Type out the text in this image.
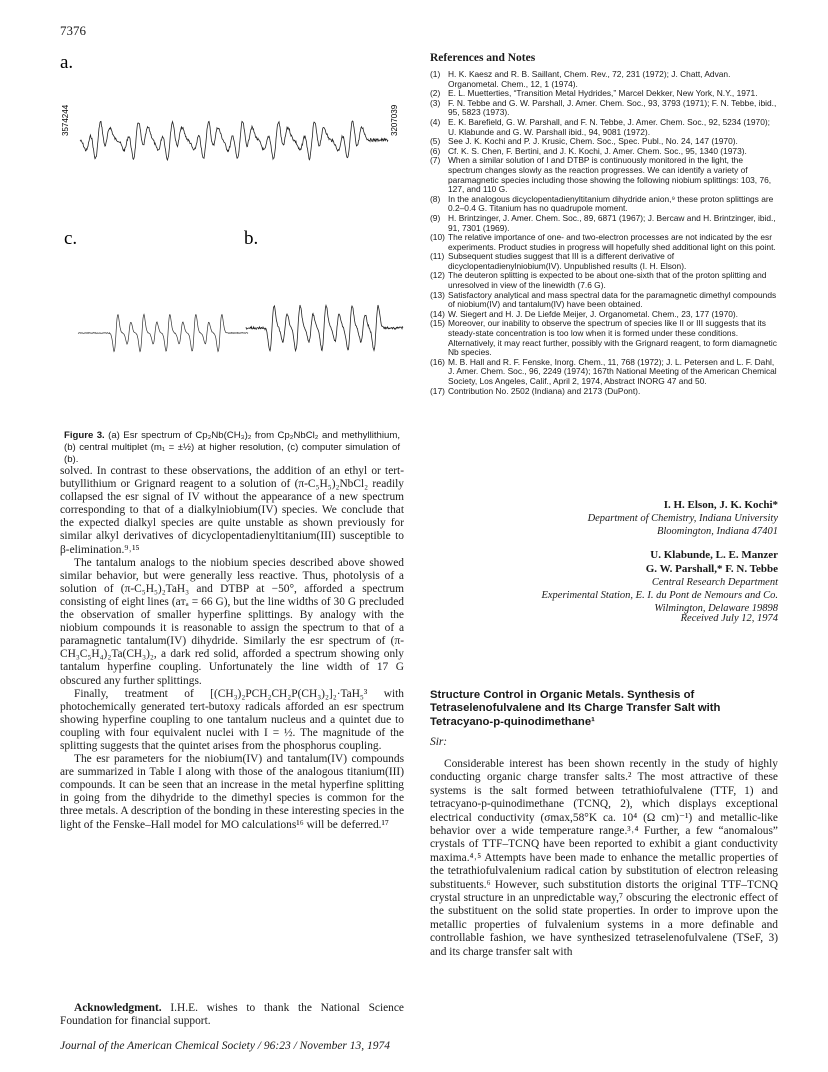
7376
a.
c.	b.
3574244	3207039
Figure 3. (a) Esr spectrum of Cp₂Nb(CH₃)₂ from Cp₂NbCl₂ and methyllithium, (b) central multiplet (m₁ = ±½) at higher resolution, (c) computer simulation of (b).

solved. In contrast to these observations, the addition of an ethyl or tert-butyllithium or Grignard reagent to a solution of (π-C₅H₅)₂NbCl₂ readily collapsed the esr signal of IV without the appearance of a new spectrum corresponding to that of a dialkylniobium(IV) species. We conclude that the expected dialkyl species are quite unstable as shown previously for similar alkyl derivatives of dicyclopentadienyltitanium(III) susceptible to β-elimination.⁹˒¹⁵

The tantalum analogs to the niobium species described above showed similar behavior, but were generally less reactive. Thus, photolysis of a solution of (π-C₅H₅)₂TaH₃ and DTBP at −50°, afforded a spectrum consisting of eight lines (aᴛₐ = 66 G), but the line widths of 30 G precluded the observation of smaller hyperfine splittings. By analogy with the niobium compounds it is reasonable to assign the spectrum to that of a paramagnetic tantalum(IV) dihydride. Similarly the esr spectrum of (π-CH₃C₅H₄)₂Ta(CH₃)₂, a dark red solid, afforded a spectrum showing only tantalum hyperfine coupling. Unfortunately the line width of 17 G obscured any further splittings.

Finally, treatment of [(CH₃)₂PCH₂CH₂P(CH₃)₂]₂·TaH₅³ with photochemically generated tert-butoxy radicals afforded an esr spectrum showing hyperfine coupling to one tantalum nucleus and a quintet due to coupling with four equivalent nuclei with I = ½. The magnitude of the splitting suggests that the quintet arises from the phosphorus coupling.

The esr parameters for the niobium(IV) and tantalum(IV) compounds are summarized in Table I along with those of the analogous titanium(III) compounds. It can be seen that an increase in the metal hyperfine splitting in going from the dihydride to the dimethyl species is common for the three metals. A description of the bonding in these interesting species in the light of the Fenske–Hall model for MO calculations¹⁶ will be deferred.¹⁷

Acknowledgment. I.H.E. wishes to thank the National Science Foundation for financial support.

References and Notes
(1) H. K. Kaesz and R. B. Saillant, Chem. Rev., 72, 231 (1972); J. Chatt, Advan. Organometal. Chem., 12, 1 (1974).
(2) E. L. Muetterties, “Transition Metal Hydrides,” Marcel Dekker, New York, N.Y., 1971.
(3) F. N. Tebbe and G. W. Parshall, J. Amer. Chem. Soc., 93, 3793 (1971); F. N. Tebbe, ibid., 95, 5823 (1973).
(4) E. K. Barefield, G. W. Parshall, and F. N. Tebbe, J. Amer. Chem. Soc., 92, 5234 (1970); U. Klabunde and G. W. Parshall ibid., 94, 9081 (1972).
(5) See J. K. Kochi and P. J. Krusic, Chem. Soc., Spec. Publ., No. 24, 147 (1970).
(6) Cf. K. S. Chen, F. Bertini, and J. K. Kochi, J. Amer. Chem. Soc., 95, 1340 (1973).
(7) When a similar solution of I and DTBP is continuously monitored in the light, the spectrum changes slowly as the reaction progresses. We can identify a variety of paramagnetic species including those showing the following niobium splittings: 103, 76, 127, and 110 G.
(8) In the analogous dicyclopentadienyltitanium dihydride anion,⁹ these proton splittings are 0.2–0.4 G. Titanium has no quadrupole moment.
(9) H. Brintzinger, J. Amer. Chem. Soc., 89, 6871 (1967); J. Bercaw and H. Brintzinger, ibid., 91, 7301 (1969).
(10) The relative importance of one- and two-electron processes are not indicated by the esr experiments. Product studies in progress will hopefully shed additional light on this point.
(11) Subsequent studies suggest that III is a different derivative of dicyclopentadienylniobium(IV). Unpublished results (I. H. Elson).
(12) The deuteron splitting is expected to be about one-sixth that of the proton splitting and unresolved in view of the linewidth (7.6 G).
(13) Satisfactory analytical and mass spectral data for the paramagnetic dimethyl compounds of niobium(IV) and tantalum(IV) have been obtained.
(14) W. Siegert and H. J. De Liefde Meijer, J. Organometal. Chem., 23, 177 (1970).
(15) Moreover, our inability to observe the spectrum of species like II or III suggests that its steady-state concentration is too low when it is formed under these conditions. Alternatively, it may react further, possibly with the Grignard reagent, to form diamagnetic Nb species.
(16) M. B. Hall and R. F. Fenske, Inorg. Chem., 11, 768 (1972); J. L. Petersen and L. F. Dahl, J. Amer. Chem. Soc., 96, 2249 (1974); 167th National Meeting of the American Chemical Society, Los Angeles, Calif., April 2, 1974, Abstract INORG 47 and 50.
(17) Contribution No. 2502 (Indiana) and 2173 (DuPont).
I. H. Elson, J. K. Kochi*
Department of Chemistry, Indiana University
Bloomington, Indiana 47401
U. Klabunde, L. E. Manzer
G. W. Parshall,* F. N. Tebbe
Central Research Department
Experimental Station, E. I. du Pont de Nemours and Co.
Wilmington, Delaware 19898
Received July 12, 1974
Structure Control in Organic Metals. Synthesis of Tetraselenofulvalene and Its Charge Transfer Salt with Tetracyano-p-quinodimethane¹
Sir:

Considerable interest has been shown recently in the study of highly conducting organic charge transfer salts.² The most attractive of these systems is the salt formed between tetrathiofulvalene (TTF, 1) and tetracyano-p-quinodimethane (TCNQ, 2), which displays exceptional electrical conductivity (σmax,58°K ca. 10⁴ (Ω cm)⁻¹) and metallic-like behavior over a wide temperature range.³˒⁴ Further, a few “anomalous” crystals of TTF–TCNQ have been reported to exhibit a giant conductivity maxima.⁴˒⁵ Attempts have been made to enhance the metallic properties of the tetrathiofulvalenium radical cation by substitution of electron releasing substituents.⁶ However, such substitution distorts the original TTF–TCNQ crystal structure in an unpredictable way,⁷ obscuring the electronic effect of the substituent on the solid state properties. In order to improve upon the metallic properties of fulvalenium systems in a more definable and controllable fashion, we have synthesized tetraselenofulvalene (TSeF, 3) and its charge transfer salt with

Journal of the American Chemical Society / 96:23 / November 13, 1974
